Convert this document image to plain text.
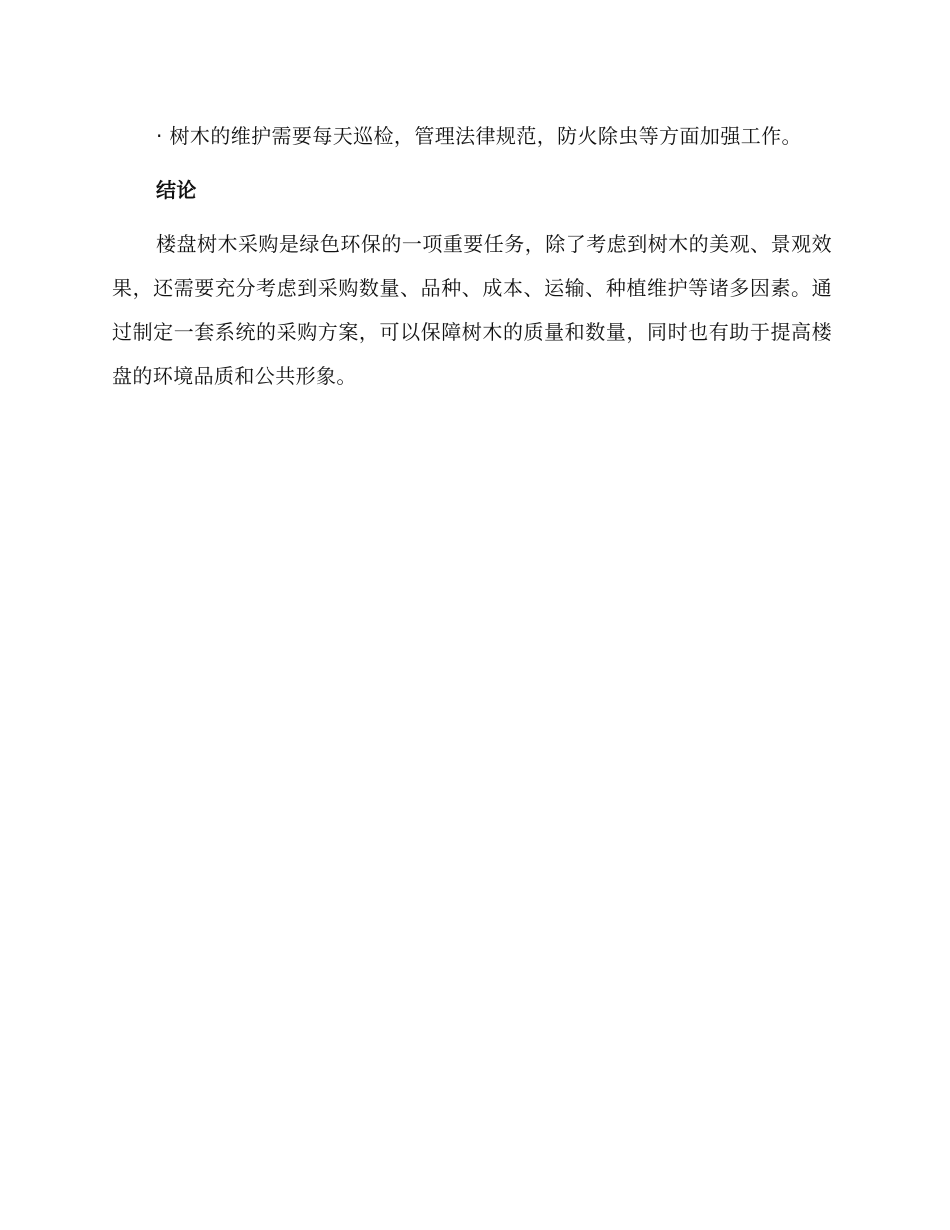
· 树木的维护需要每天巡检，管理法律规范，防火除虫等方面加强工作。

结论

楼盘树木采购是绿色环保的一项重要任务，除了考虑到树木的美观、景观效果，还需要充分考虑到采购数量、品种、成本、运输、种植维护等诸多因素。通过制定一套系统的采购方案，可以保障树木的质量和数量，同时也有助于提高楼盘的环境品质和公共形象。
